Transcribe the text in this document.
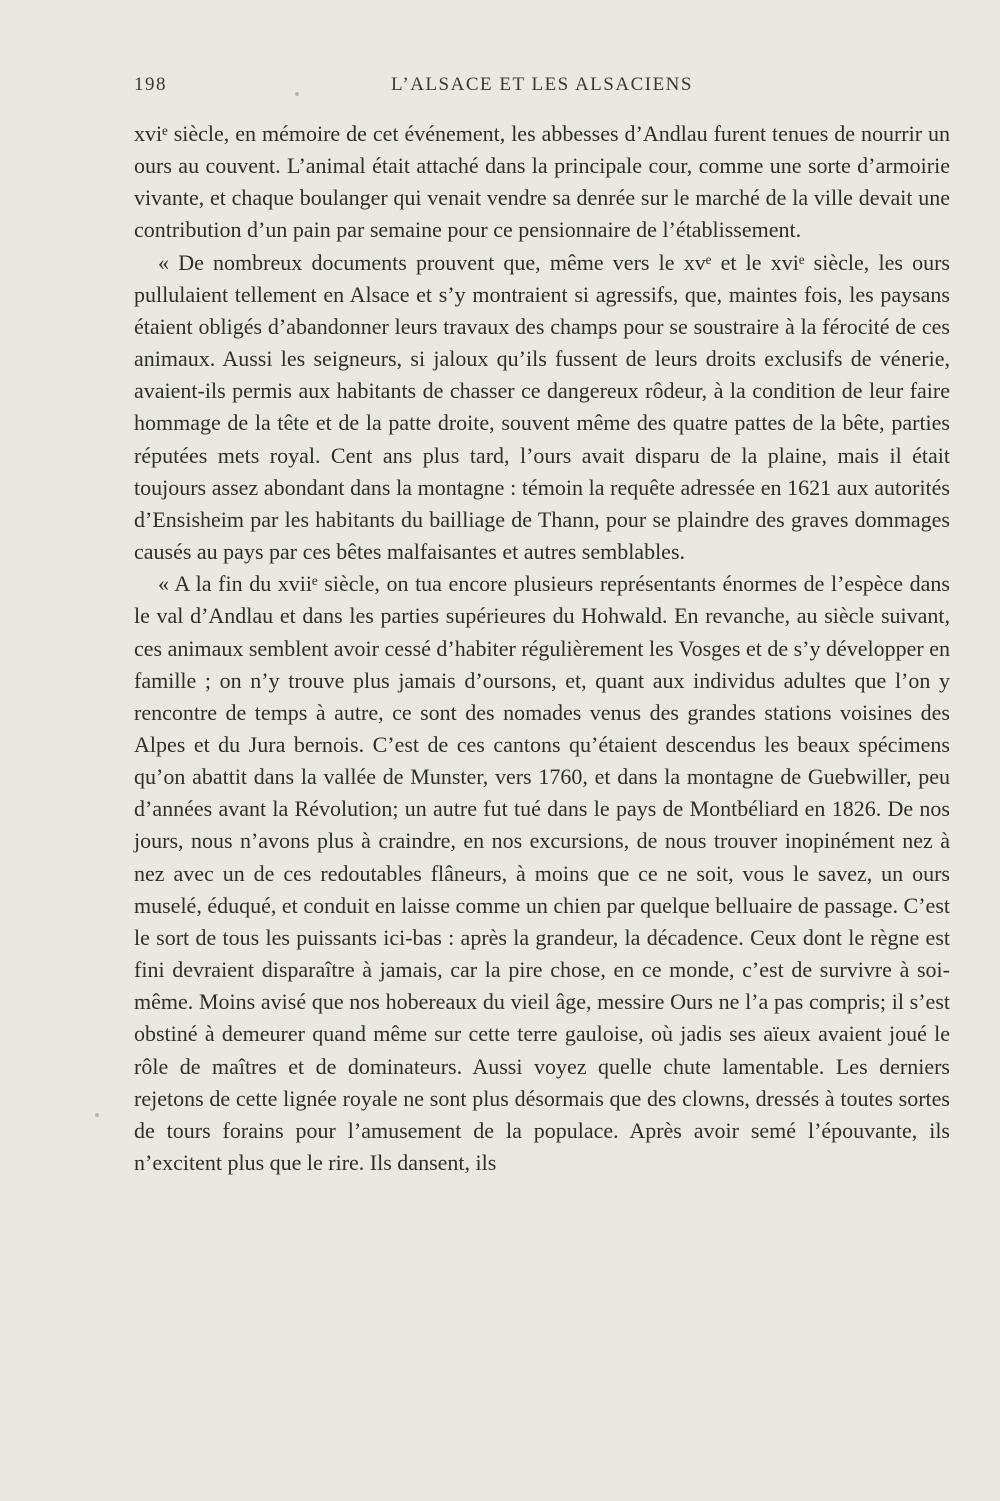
198	L’ALSACE ET LES ALSACIENS

xviᵉ siècle, en mémoire de cet événement, les abbesses d’Andlau furent tenues de nourrir un ours au couvent. L’animal était attaché dans la principale cour, comme une sorte d’armoirie vivante, et chaque boulanger qui venait vendre sa denrée sur le marché de la ville devait une contribution d’un pain par semaine pour ce pensionnaire de l’établissement.

« De nombreux documents prouvent que, même vers le xvᵉ et le xviᵉ siècle, les ours pullulaient tellement en Alsace et s’y montraient si agressifs, que, maintes fois, les paysans étaient obligés d’abandonner leurs travaux des champs pour se soustraire à la férocité de ces animaux. Aussi les seigneurs, si jaloux qu’ils fussent de leurs droits exclusifs de vénerie, avaient-ils permis aux habitants de chasser ce dangereux rôdeur, à la condition de leur faire hommage de la tête et de la patte droite, souvent même des quatre pattes de la bête, parties réputées mets royal. Cent ans plus tard, l’ours avait disparu de la plaine, mais il était toujours assez abondant dans la montagne : témoin la requête adressée en 1621 aux autorités d’Ensisheim par les habitants du bailliage de Thann, pour se plaindre des graves dommages causés au pays par ces bêtes malfaisantes et autres semblables.

« A la fin du xviiᵉ siècle, on tua encore plusieurs représentants énormes de l’espèce dans le val d’Andlau et dans les parties supérieures du Hohwald. En revanche, au siècle suivant, ces animaux semblent avoir cessé d’habiter régulièrement les Vosges et de s’y développer en famille ; on n’y trouve plus jamais d’oursons, et, quant aux individus adultes que l’on y rencontre de temps à autre, ce sont des nomades venus des grandes stations voisines des Alpes et du Jura bernois. C’est de ces cantons qu’étaient descendus les beaux spécimens qu’on abattit dans la vallée de Munster, vers 1760, et dans la montagne de Guebwiller, peu d’années avant la Révolution; un autre fut tué dans le pays de Montbéliard en 1826. De nos jours, nous n’avons plus à craindre, en nos excursions, de nous trouver inopinément nez à nez avec un de ces redoutables flâneurs, à moins que ce ne soit, vous le savez, un ours muselé, éduqué, et conduit en laisse comme un chien par quelque belluaire de passage. C’est le sort de tous les puissants ici-bas : après la grandeur, la décadence. Ceux dont le règne est fini devraient disparaître à jamais, car la pire chose, en ce monde, c’est de survivre à soi-même. Moins avisé que nos hobereaux du vieil âge, messire Ours ne l’a pas compris; il s’est obstiné à demeurer quand même sur cette terre gauloise, où jadis ses aïeux avaient joué le rôle de maîtres et de dominateurs. Aussi voyez quelle chute lamentable. Les derniers rejetons de cette lignée royale ne sont plus désormais que des clowns, dressés à toutes sortes de tours forains pour l’amusement de la populace. Après avoir semé l’épouvante, ils n’excitent plus que le rire. Ils dansent, ils
